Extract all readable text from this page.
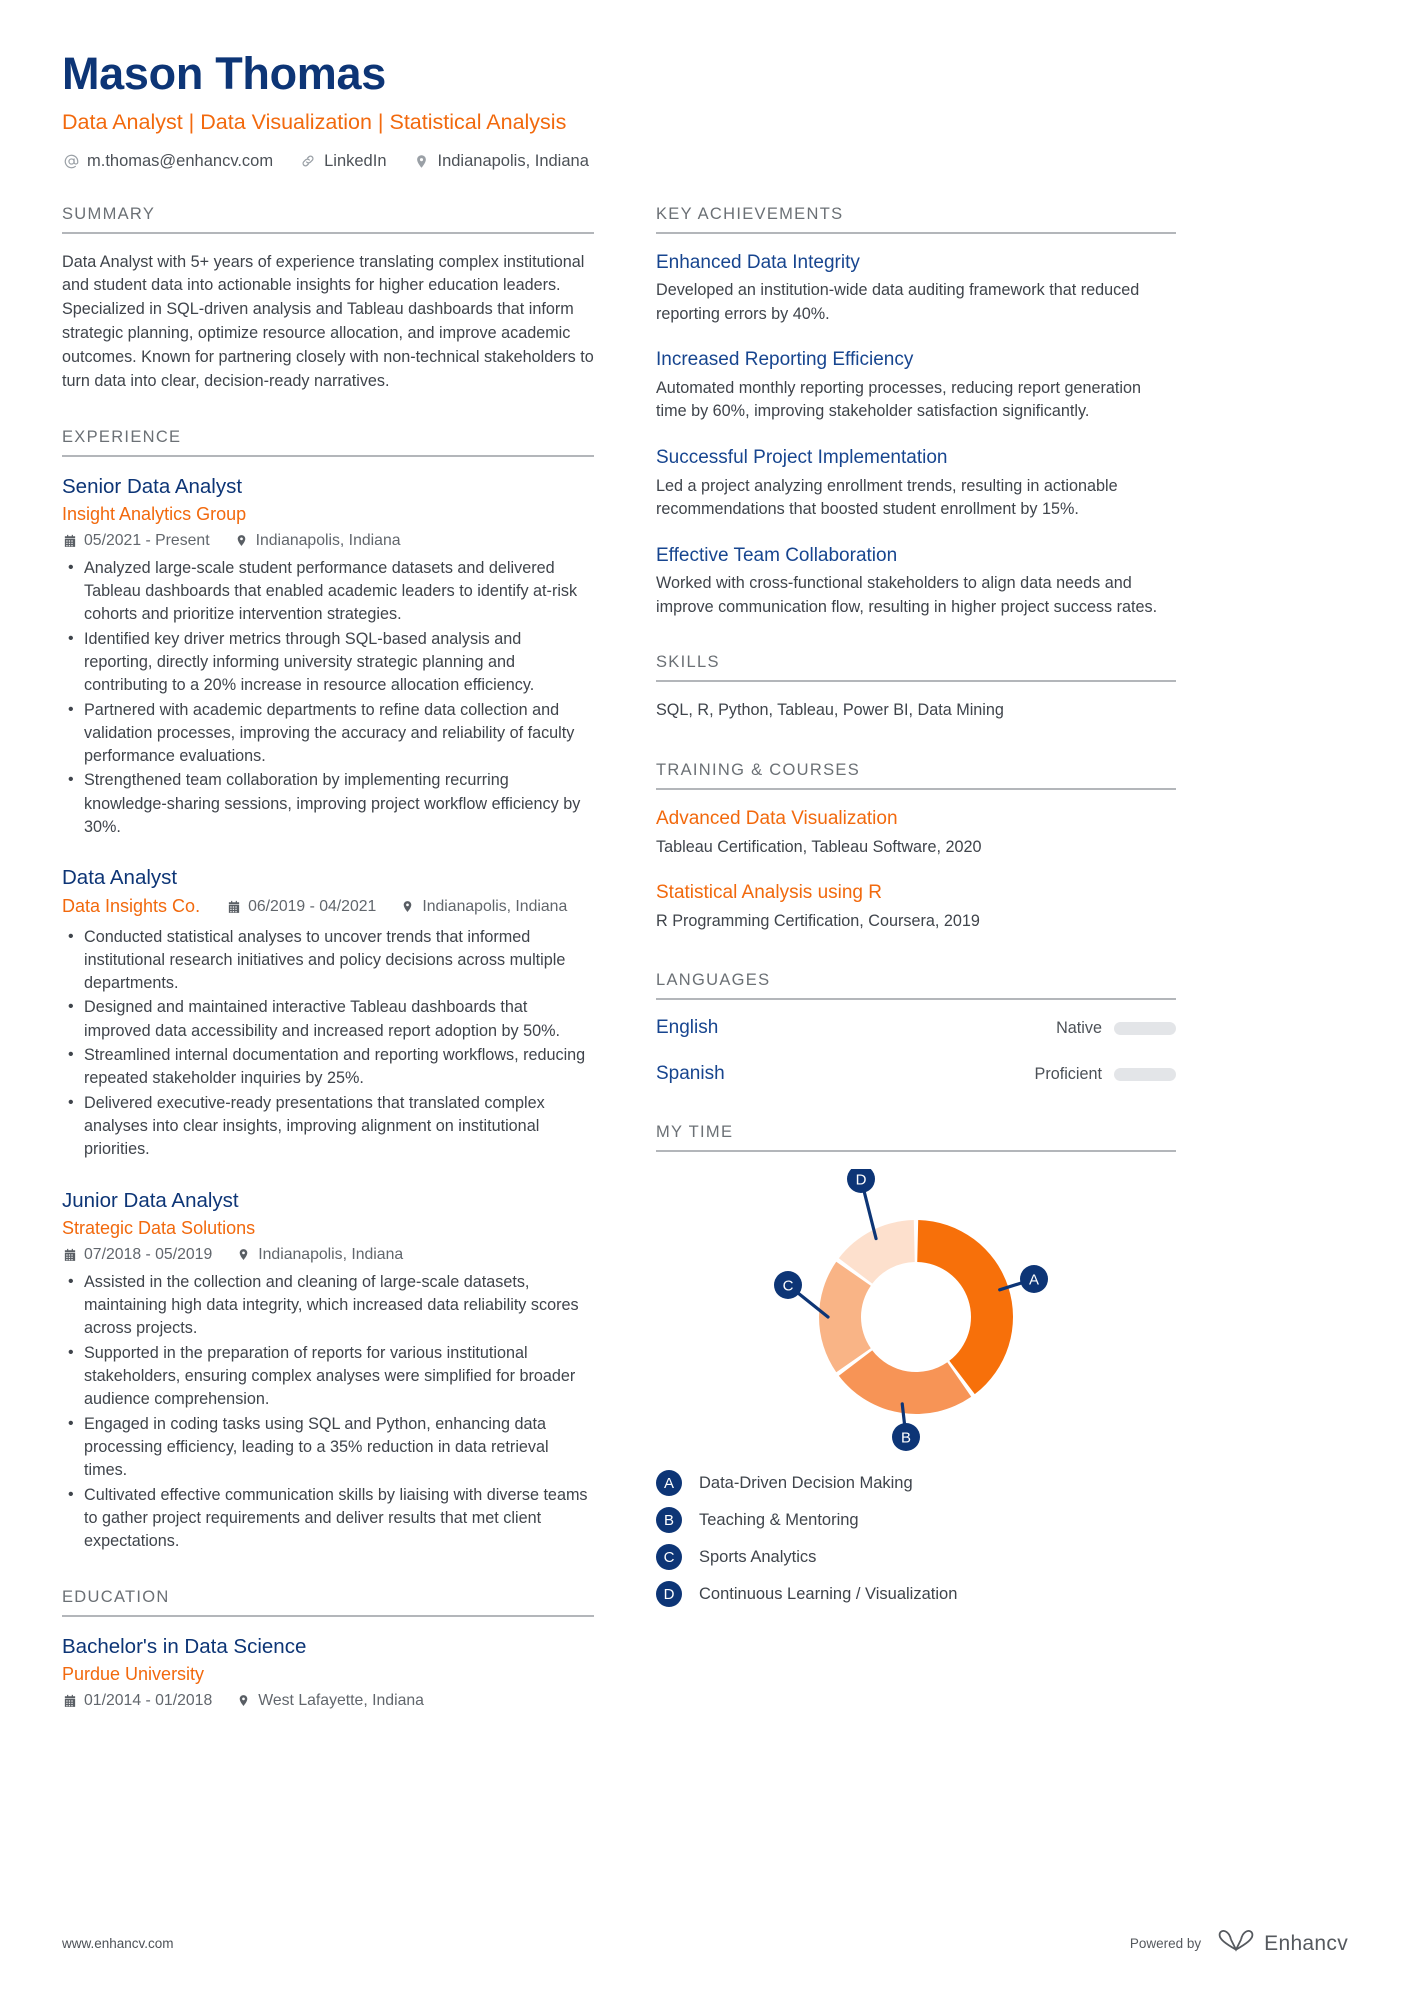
Mason Thomas
Data Analyst | Data Visualization | Statistical Analysis
m.thomas@enhancv.com	LinkedIn	Indianapolis, Indiana
SUMMARY
Data Analyst with 5+ years of experience translating complex institutional and student data into actionable insights for higher education leaders. Specialized in SQL-driven analysis and Tableau dashboards that inform strategic planning, optimize resource allocation, and improve academic outcomes. Known for partnering closely with non-technical stakeholders to turn data into clear, decision-ready narratives.
EXPERIENCE
Senior Data Analyst
Insight Analytics Group
05/2021 - Present	Indianapolis, Indiana
• Analyzed large-scale student performance datasets and delivered Tableau dashboards that enabled academic leaders to identify at-risk cohorts and prioritize intervention strategies.
• Identified key driver metrics through SQL-based analysis and reporting, directly informing university strategic planning and contributing to a 20% increase in resource allocation efficiency.
• Partnered with academic departments to refine data collection and validation processes, improving the accuracy and reliability of faculty performance evaluations.
• Strengthened team collaboration by implementing recurring knowledge-sharing sessions, improving project workflow efficiency by 30%.
Data Analyst
Data Insights Co.	06/2019 - 04/2021	Indianapolis, Indiana
• Conducted statistical analyses to uncover trends that informed institutional research initiatives and policy decisions across multiple departments.
• Designed and maintained interactive Tableau dashboards that improved data accessibility and increased report adoption by 50%.
• Streamlined internal documentation and reporting workflows, reducing repeated stakeholder inquiries by 25%.
• Delivered executive-ready presentations that translated complex analyses into clear insights, improving alignment on institutional priorities.
Junior Data Analyst
Strategic Data Solutions
07/2018 - 05/2019	Indianapolis, Indiana
• Assisted in the collection and cleaning of large-scale datasets, maintaining high data integrity, which increased data reliability scores across projects.
• Supported in the preparation of reports for various institutional stakeholders, ensuring complex analyses were simplified for broader audience comprehension.
• Engaged in coding tasks using SQL and Python, enhancing data processing efficiency, leading to a 35% reduction in data retrieval times.
• Cultivated effective communication skills by liaising with diverse teams to gather project requirements and deliver results that met client expectations.
EDUCATION
Bachelor's in Data Science
Purdue University
01/2014 - 01/2018	West Lafayette, Indiana
KEY ACHIEVEMENTS
Enhanced Data Integrity
Developed an institution-wide data auditing framework that reduced reporting errors by 40%.
Increased Reporting Efficiency
Automated monthly reporting processes, reducing report generation time by 60%, improving stakeholder satisfaction significantly.
Successful Project Implementation
Led a project analyzing enrollment trends, resulting in actionable recommendations that boosted student enrollment by 15%.
Effective Team Collaboration
Worked with cross-functional stakeholders to align data needs and improve communication flow, resulting in higher project success rates.
SKILLS
SQL, R, Python, Tableau, Power BI, Data Mining
TRAINING & COURSES
Advanced Data Visualization
Tableau Certification, Tableau Software, 2020
Statistical Analysis using R
R Programming Certification, Coursera, 2019
LANGUAGES
English	Native
Spanish	Proficient
MY TIME
A
B
C
D
A	Data-Driven Decision Making
B	Teaching & Mentoring
C	Sports Analytics
D	Continuous Learning / Visualization
www.enhancv.com	Powered by	Enhancv
